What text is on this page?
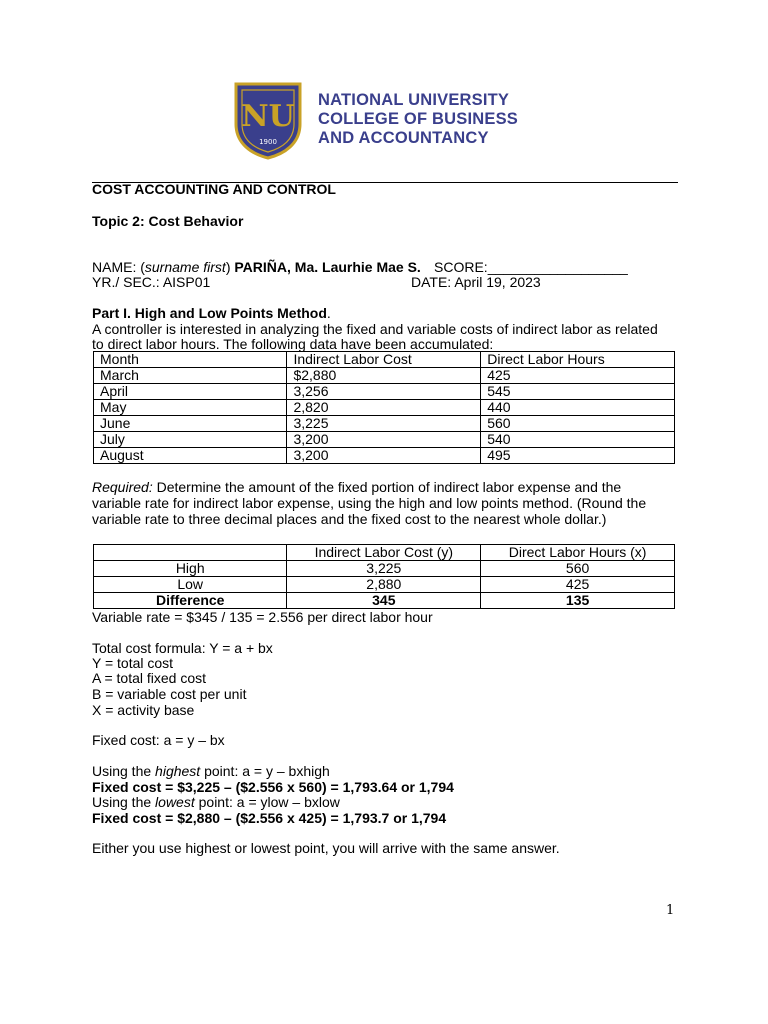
NU
1900
NATIONAL UNIVERSITY
COLLEGE OF BUSINESS
AND ACCOUNTANCY
COST ACCOUNTING AND CONTROL
Topic 2: Cost Behavior
NAME: (surname first) PARIÑA, Ma. Laurhie Mae S. SCORE:__________________
YR./ SEC.: AISP01	DATE: April 19, 2023
Part I. High and Low Points Method.
A controller is interested in analyzing the fixed and variable costs of indirect labor as related
to direct labor hours. The following data have been accumulated:
Month	Indirect Labor Cost	Direct Labor Hours
March	$2,880	425
April	3,256	545
May	2,820	440
June	3,225	560
July	3,200	540
August	3,200	495
Required: Determine the amount of the fixed portion of indirect labor expense and the
variable rate for indirect labor expense, using the high and low points method. (Round the
variable rate to three decimal places and the fixed cost to the nearest whole dollar.)
	Indirect Labor Cost (y)	Direct Labor Hours (x)
High	3,225	560
Low	2,880	425
Difference	345	135
Variable rate = $345 / 135 = 2.556 per direct labor hour
Total cost formula: Y = a + bx
Y = total cost
A = total fixed cost
B = variable cost per unit
X = activity base
Fixed cost: a = y – bx
Using the highest point: a = y – bxhigh
Fixed cost = $3,225 – ($2.556 x 560) = 1,793.64 or 1,794
Using the lowest point: a = ylow – bxlow
Fixed cost = $2,880 – ($2.556 x 425) = 1,793.7 or 1,794
Either you use highest or lowest point, you will arrive with the same answer.
1
